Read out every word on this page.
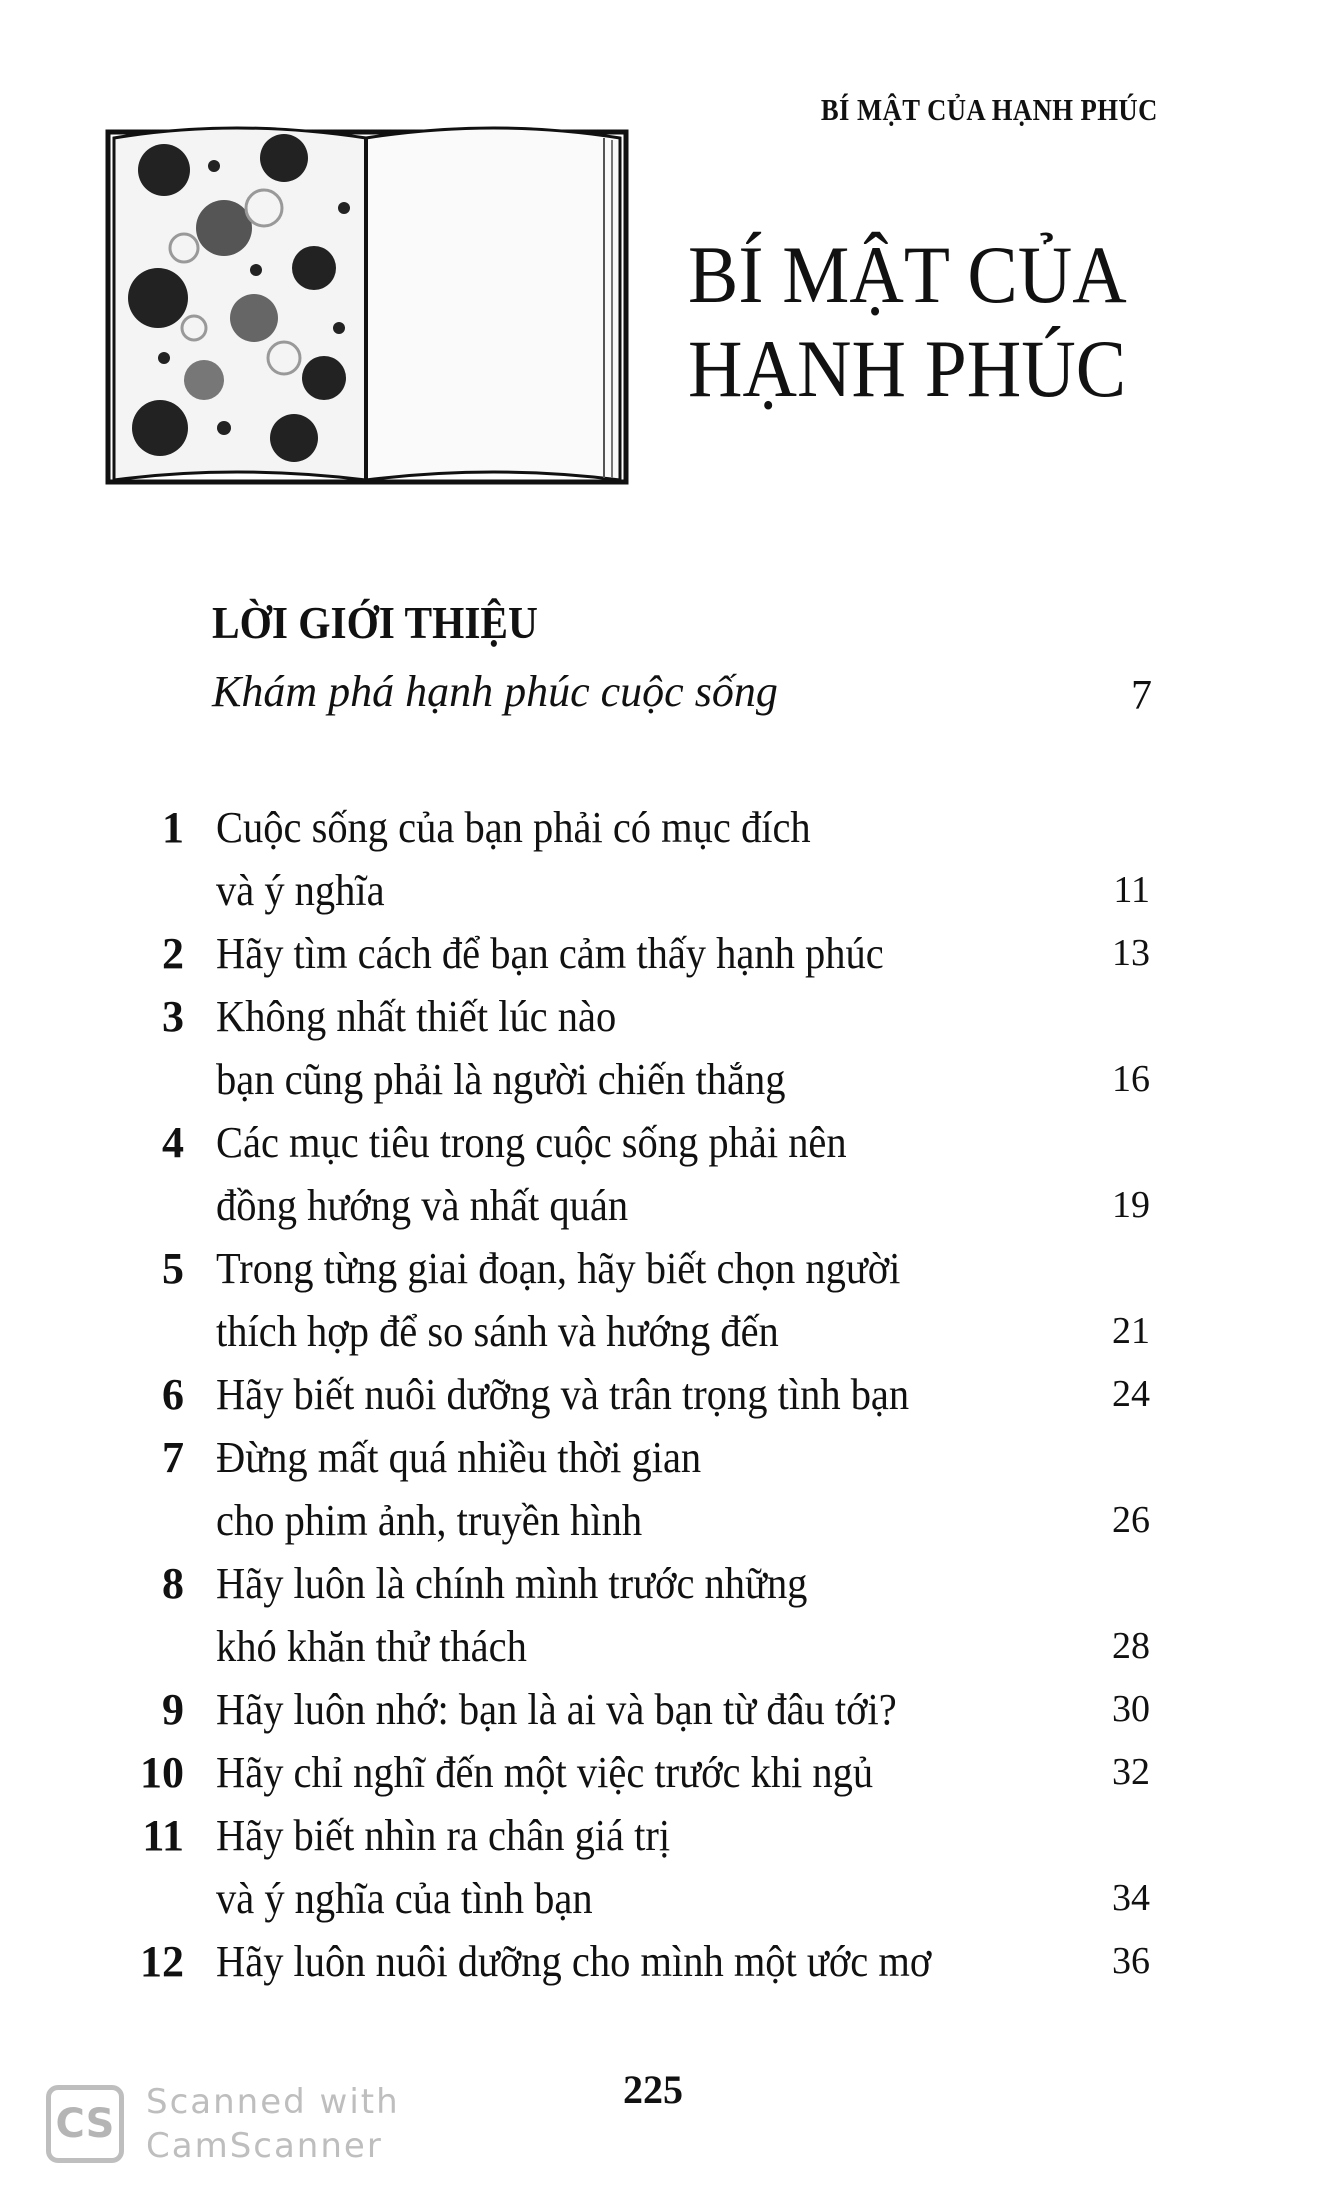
BÍ MẬT CỦA HẠNH PHÚC
BÍ MẬT CỦA
HẠNH PHÚC
LỜI GIỚI THIỆU
Khám phá hạnh phúc cuộc sống	7
1 Cuộc sống của bạn phải có mục đích
và ý nghĩa	11
2 Hãy tìm cách để bạn cảm thấy hạnh phúc	13
3 Không nhất thiết lúc nào
bạn cũng phải là người chiến thắng	16
4 Các mục tiêu trong cuộc sống phải nên
đồng hướng và nhất quán	19
5 Trong từng giai đoạn, hãy biết chọn người
thích hợp để so sánh và hướng đến	21
6 Hãy biết nuôi dưỡng và trân trọng tình bạn	24
7 Đừng mất quá nhiều thời gian
cho phim ảnh, truyền hình	26
8 Hãy luôn là chính mình trước những
khó khăn thử thách	28
9 Hãy luôn nhớ: bạn là ai và bạn từ đâu tới?	30
10 Hãy chỉ nghĩ đến một việc trước khi ngủ	32
11 Hãy biết nhìn ra chân giá trị
và ý nghĩa của tình bạn	34
12 Hãy luôn nuôi dưỡng cho mình một ước mơ	36
225
CS Scanned with
CamScanner
